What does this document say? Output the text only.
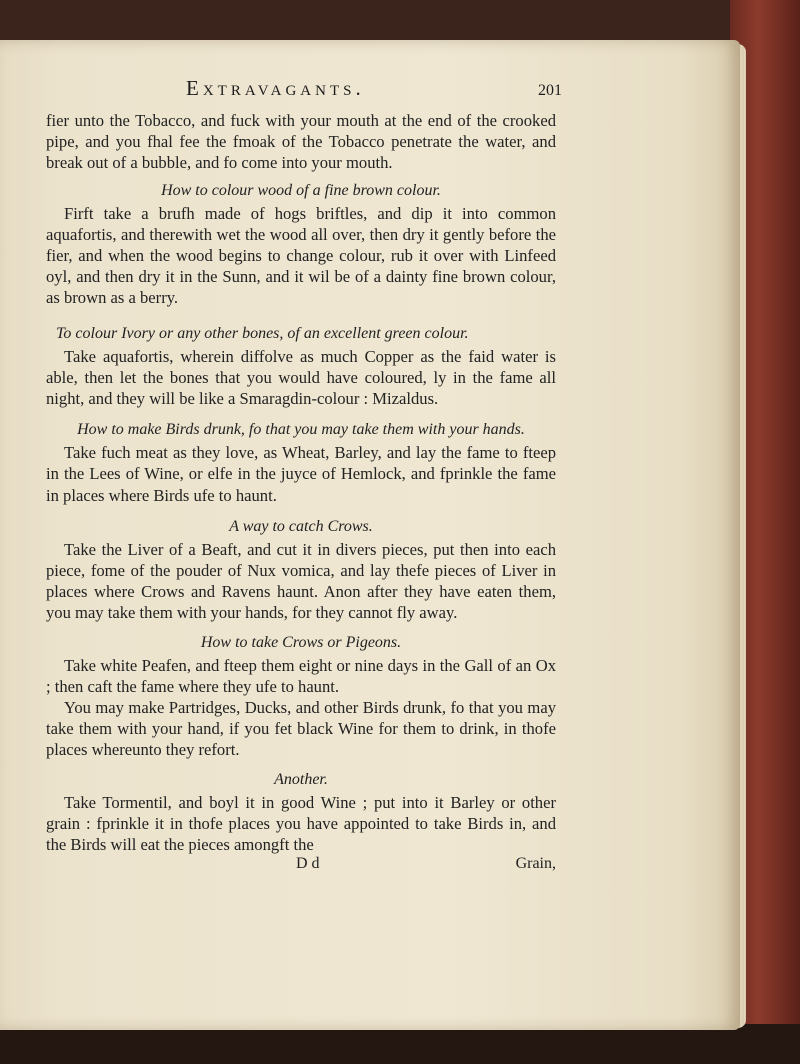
Extravagants.	201

fier unto the Tobacco, and fuck with your mouth at the end of the crooked pipe, and you fhal fee the fmoak of the Tobacco penetrate the water, and break out of a bubble, and fo come into your mouth.

How to colour wood of a fine brown colour.

Firft take a brufh made of hogs briftles, and dip it into common aquafortis, and therewith wet the wood all over, then dry it gently before the fier, and when the wood begins to change colour, rub it over with Linfeed oyl, and then dry it in the Sunn, and it wil be of a dainty fine brown colour, as brown as a berry.

To colour Ivory or any other bones, of an excellent green colour.

Take aquafortis, wherein diffolve as much Copper as the faid water is able, then let the bones that you would have coloured, ly in the fame all night, and they will be like a Smaragdin-colour : Mizaldus.

How to make Birds drunk, fo that you may take them with your hands.

Take fuch meat as they love, as Wheat, Barley, and lay the fame to fteep in the Lees of Wine, or elfe in the juyce of Hemlock, and fprinkle the fame in places where Birds ufe to haunt.

A way to catch Crows.

Take the Liver of a Beaft, and cut it in divers pieces, put then into each piece, fome of the pouder of Nux vomica, and lay thefe pieces of Liver in places where Crows and Ravens haunt. Anon after they have eaten them, you may take them with your hands, for they cannot fly away.

How to take Crows or Pigeons.

Take white Peafen, and fteep them eight or nine days in the Gall of an Ox ; then caft the fame where they ufe to haunt.

You may make Partridges, Ducks, and other Birds drunk, fo that you may take them with your hand, if you fet black Wine for them to drink, in thofe places whereunto they refort.

Another.

Take Tormentil, and boyl it in good Wine ; put into it Barley or other grain : fprinkle it in thofe places you have appointed to take Birds in, and the Birds will eat the pieces amongft the

D d	Grain,
